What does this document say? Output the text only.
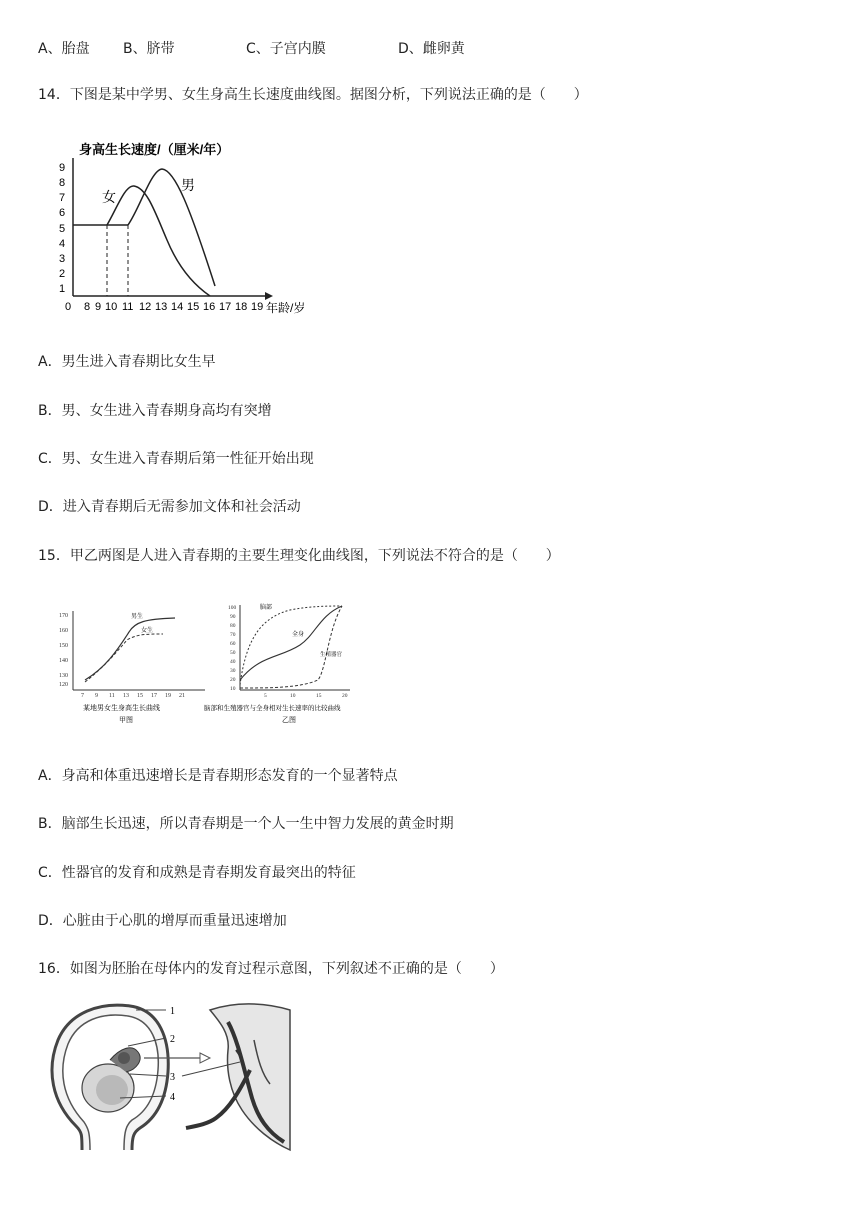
A、胎盘 B、脐带	C、子宫内膜	D、雌卵黄
14．下图是某中学男、女生身高生长速度曲线图。据图分析，下列说法正确的是（　　）
身高生长速度/（厘米/年）
9
8
7
6
5
4
3
2
1
0 8 9 10 11 12 13 14 15 16 17 18 19 年龄/岁
女
男
A．男生进入青春期比女生早
B．男、女生进入青春期身高均有突增
C．男、女生进入青春期后第一性征开始出现
D．进入青春期后无需参加文体和社会活动
15．甲乙两图是人进入青春期的主要生理变化曲线图，下列说法不符合的是（　　）
170
160
150
140
130
120
7 9 11 13 15 17 19 21
男生
女生
某地男女生身高生长曲线
甲图
100
90
80
70
60
50
40
30
20
10
5	10	15	20
脑部
全身
生殖器官
脑部和生殖器官与全身相对生长速率的比较曲线
乙图
A．身高和体重迅速增长是青春期形态发育的一个显著特点
B．脑部生长迅速，所以青春期是一个人一生中智力发展的黄金时期
C．性器官的发育和成熟是青春期发育最突出的特征
D．心脏由于心肌的增厚而重量迅速增加
16．如图为胚胎在母体内的发育过程示意图，下列叙述不正确的是（　　）
1
2
3
4
